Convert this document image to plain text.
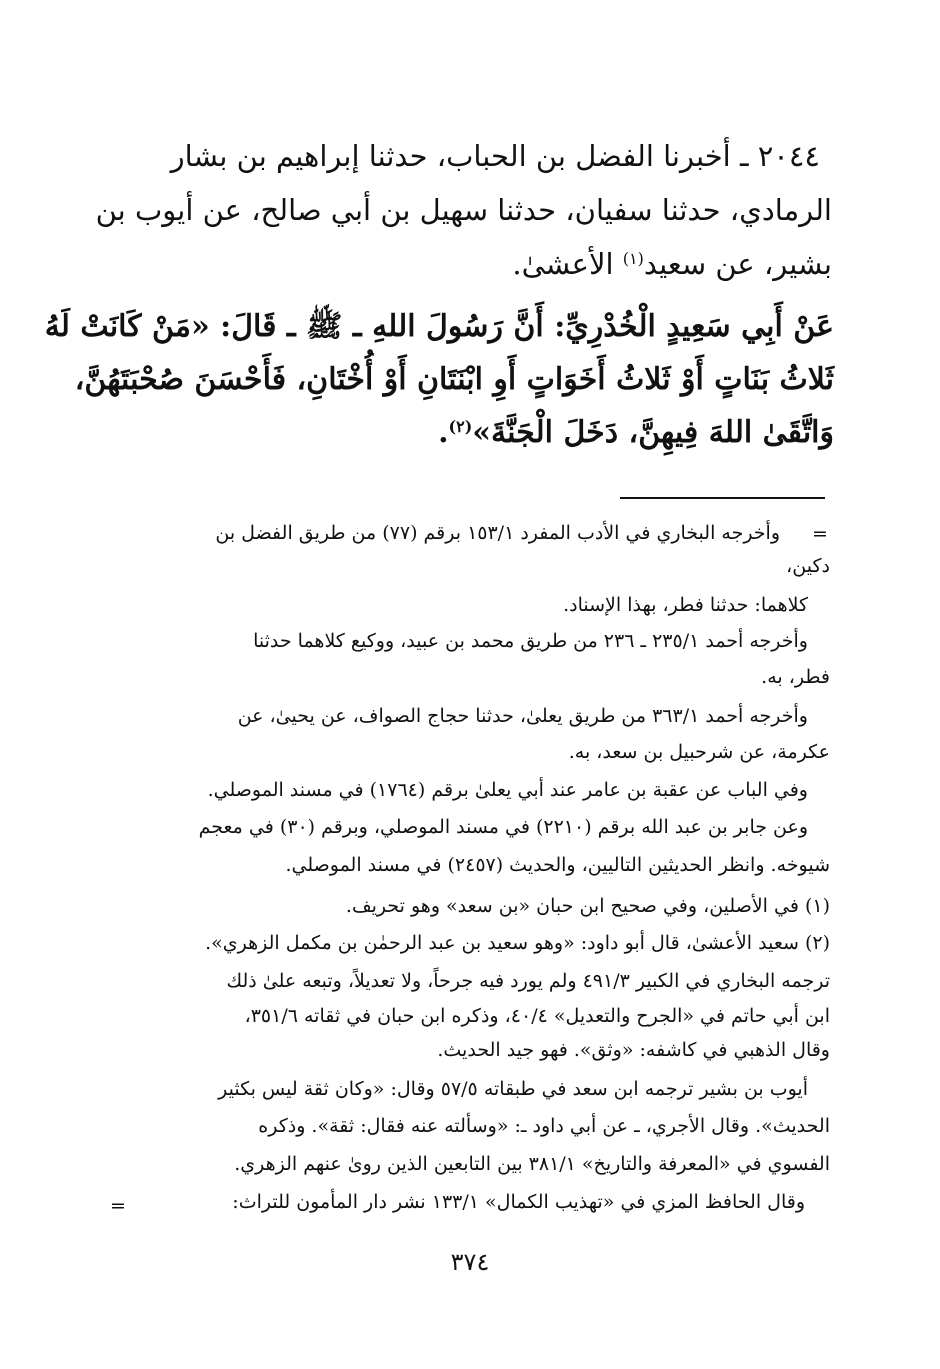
٢٠٤٤ ـ أخبرنا الفضل بن الحباب، حدثنا إبراهيم بن بشار

الرمادي، حدثنا سفيان، حدثنا سهيل بن أبي صالح، عن أيوب بن

بشير، عن سعيد$^{(١)}$ الأعشىٰ.

عَنْ أَبِي سَعِيدٍ الْخُدْرِيِّ: أَنَّ رَسُولَ اللهِ ـ ﷺ ـ قَالَ: «مَنْ كَانَتْ لَهُ

ثَلاثُ بَنَاتٍ أَوْ ثَلاثُ أَخَوَاتٍ أَوِ ابْنَتَانِ أَوْ أُخْتَانِ، فَأَحْسَنَ صُحْبَتَهُنَّ،

وَاتَّقَىٰ اللهَ فِيهِنَّ، دَخَلَ الْجَنَّةَ»$^{(٢)}$.

=
=

وأخرجه البخاري في الأدب المفرد ١٥٣/١ برقم (٧٧) من طريق الفضل بن

دكين،

كلاهما: حدثنا فطر، بهذا الإسناد.

وأخرجه أحمد ٢٣٥/١ ـ ٢٣٦ من طريق محمد بن عبيد، ووكيع كلاهما حدثنا

فطر، به.

وأخرجه أحمد ٣٦٣/١ من طريق يعلىٰ، حدثنا حجاج الصواف، عن يحيىٰ، عن

عكرمة، عن شرحبيل بن سعد، به.

وفي الباب عن عقبة بن عامر عند أبي يعلىٰ برقم (١٧٦٤) في مسند الموصلي.

وعن جابر بن عبد الله برقم (٢٢١٠) في مسند الموصلي، وبرقم (٣٠) في معجم

شيوخه. وانظر الحديثين التاليين، والحديث (٢٤٥٧) في مسند الموصلي.

(١) في الأصلين، وفي صحيح ابن حبان «بن سعد» وهو تحريف.

(٢) سعيد الأعشىٰ، قال أبو داود: «وهو سعيد بن عبد الرحمٰن بن مكمل الزهري».

ترجمه البخاري في الكبير ٤٩١/٣ ولم يورد فيه جرحاً، ولا تعديلاً، وتبعه علىٰ ذلك

ابن أبي حاتم في «الجرح والتعديل» ٤٠/٤، وذكره ابن حبان في ثقاته ٣٥١/٦،

وقال الذهبي في كاشفه: «وثق». فهو جيد الحديث.

أيوب بن بشير ترجمه ابن سعد في طبقاته ٥٧/٥ وقال: «وكان ثقة ليس بكثير

الحديث». وقال الأجري، ـ عن أبي داود ـ: «وسألته عنه فقال: ثقة». وذكره

الفسوي في «المعرفة والتاريخ» ٣٨١/١ بين التابعين الذين روىٰ عنهم الزهري.

وقال الحافظ المزي في «تهذيب الكمال» ١٣٣/١ نشر دار المأمون للتراث:

٣٧٤
